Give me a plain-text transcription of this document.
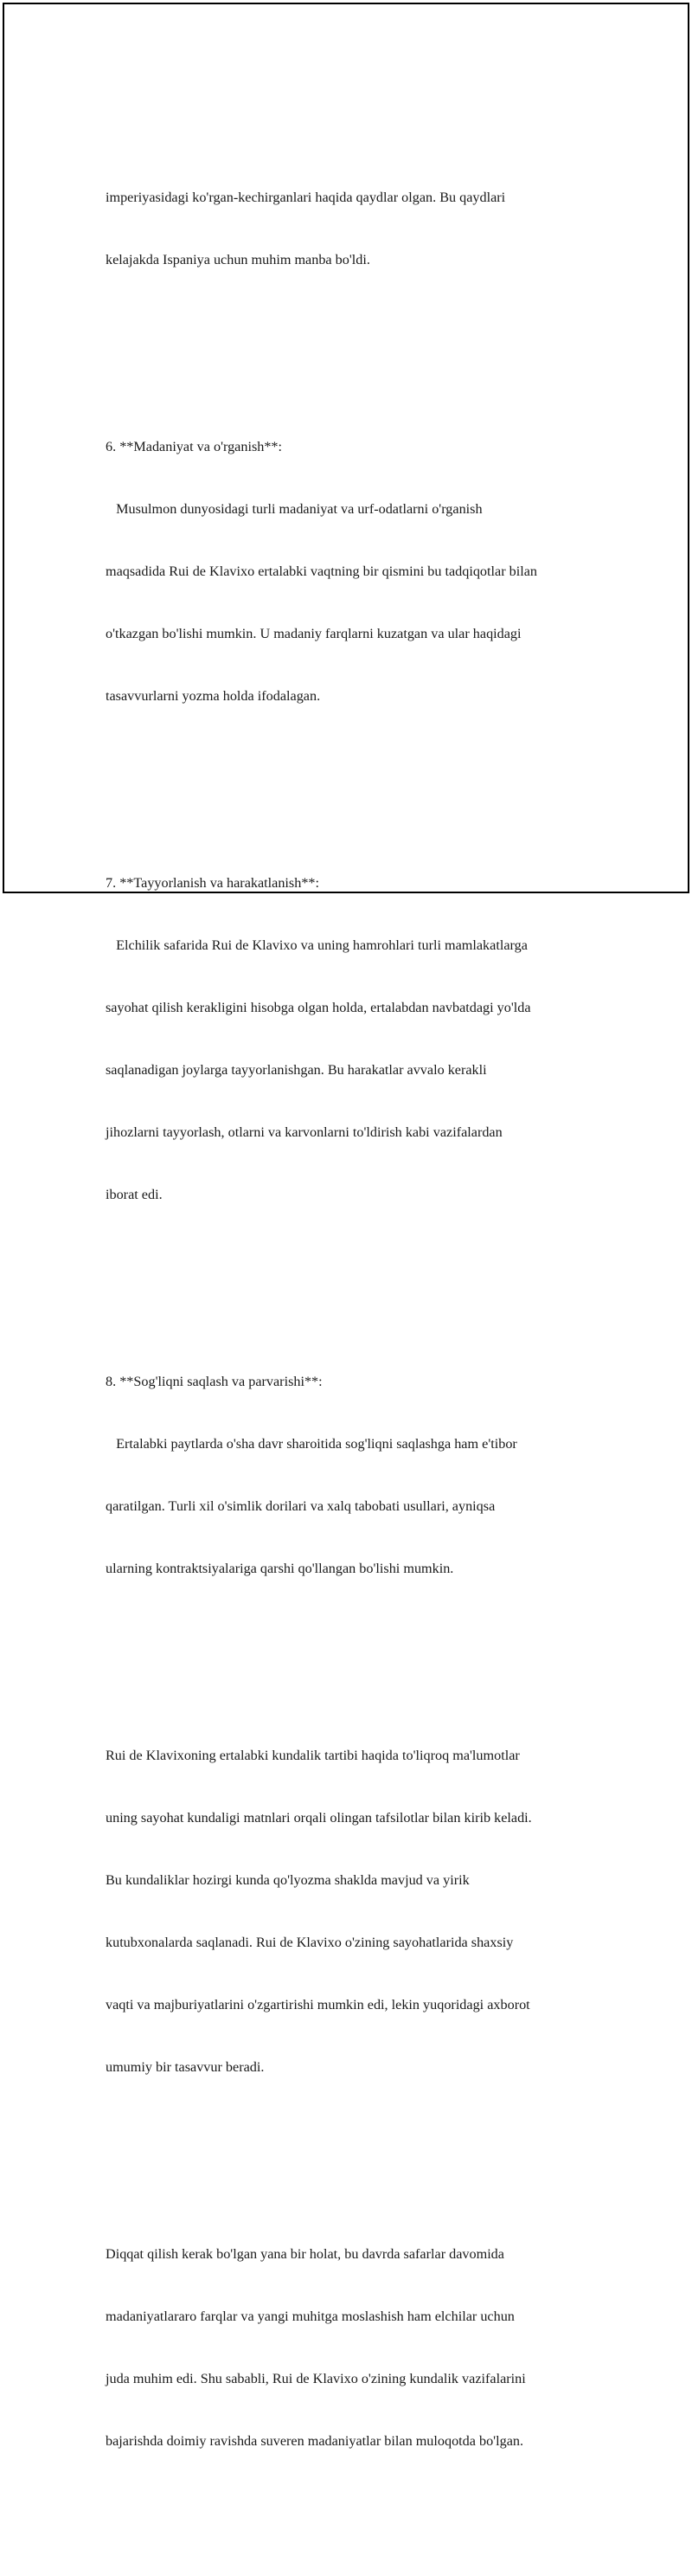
imperiyasidagi ko'rgan-kechirganlari haqida qaydlar olgan. Bu qaydlari

kelajakda Ispaniya uchun muhim manba bo'ldi.

6. **Madaniyat va o'rganish**:

Musulmon dunyosidagi turli madaniyat va urf-odatlarni o'rganish

maqsadida Rui de Klavixo ertalabki vaqtning bir qismini bu tadqiqotlar bilan

o'tkazgan bo'lishi mumkin. U madaniy farqlarni kuzatgan va ular haqidagi

tasavvurlarni yozma holda ifodalagan.

7. **Tayyorlanish va harakatlanish**:

Elchilik safarida Rui de Klavixo va uning hamrohlari turli mamlakatlarga

sayohat qilish kerakligini hisobga olgan holda, ertalabdan navbatdagi yo'lda

saqlanadigan joylarga tayyorlanishgan. Bu harakatlar avvalo kerakli

jihozlarni tayyorlash, otlarni va karvonlarni to'ldirish kabi vazifalardan

iborat edi.

8. **Sog'liqni saqlash va parvarishi**:

Ertalabki paytlarda o'sha davr sharoitida sog'liqni saqlashga ham e'tibor

qaratilgan. Turli xil o'simlik dorilari va xalq tabobati usullari, ayniqsa

ularning kontraktsiyalariga qarshi qo'llangan bo'lishi mumkin.

Rui de Klavixoning ertalabki kundalik tartibi haqida to'liqroq ma'lumotlar

uning sayohat kundaligi matnlari orqali olingan tafsilotlar bilan kirib keladi.

Bu kundaliklar hozirgi kunda qo'lyozma shaklda mavjud va yirik

kutubxonalarda saqlanadi. Rui de Klavixo o'zining sayohatlarida shaxsiy

vaqti va majburiyatlarini o'zgartirishi mumkin edi, lekin yuqoridagi axborot

umumiy bir tasavvur beradi.

Diqqat qilish kerak bo'lgan yana bir holat, bu davrda safarlar davomida

madaniyatlararo farqlar va yangi muhitga moslashish ham elchilar uchun

juda muhim edi. Shu sababli, Rui de Klavixo o'zining kundalik vazifalarini

bajarishda doimiy ravishda suveren madaniyatlar bilan muloqotda bo'lgan.
